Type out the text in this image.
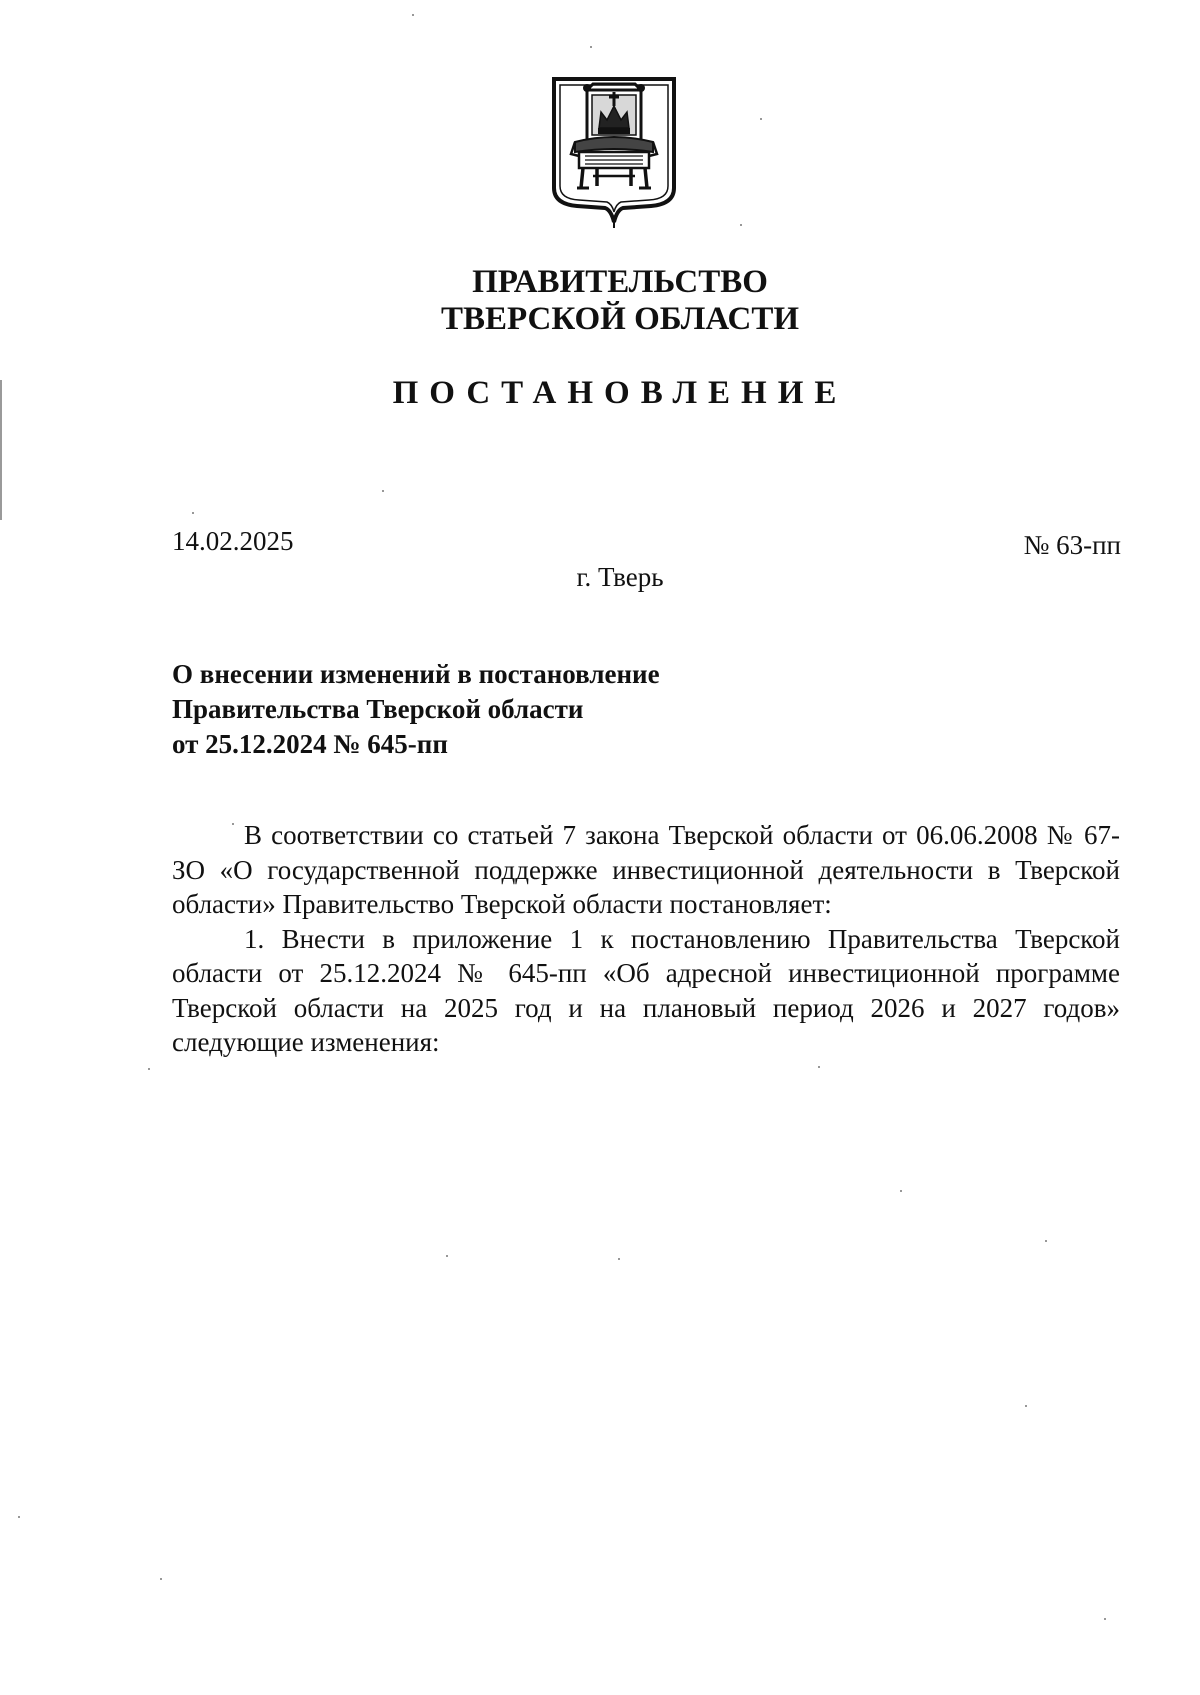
ПРАВИТЕЛЬСТВО
ТВЕРСКОЙ ОБЛАСТИ
ПОСТАНОВЛЕНИЕ
14.02.2025	№ 63-пп
г. Тверь
О внесении изменений в постановление
Правительства Тверской области
от 25.12.2024 № 645-пп

В соответствии со статьей 7 закона Тверской области от 06.06.2008 № 67-ЗО «О государственной поддержке инвестиционной деятельности в Тверской области» Правительство Тверской области постановляет:

1. Внести в приложение 1 к постановлению Правительства Тверской области от 25.12.2024 № 645-пп «Об адресной инвестиционной программе Тверской области на 2025 год и на плановый период 2026 и 2027 годов» следующие изменения:
